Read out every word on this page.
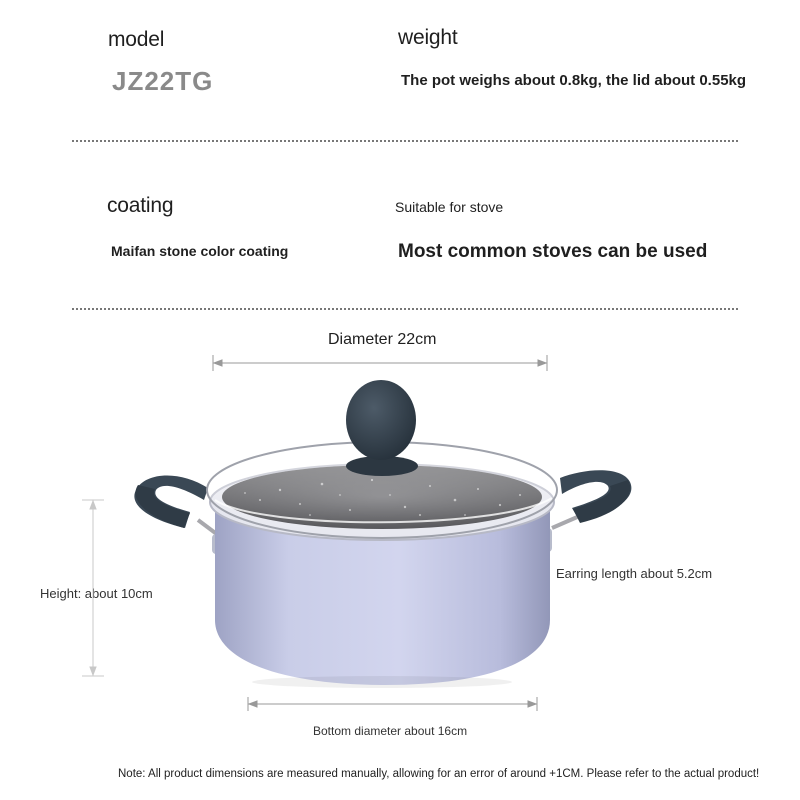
model
JZ22TG
weight
The pot weighs about 0.8kg, the lid about 0.55kg
coating
Maifan stone color coating
Suitable for stove
Most common stoves can be used
Diameter 22cm
Height: about 10cm
Earring length about 5.2cm
Bottom diameter about 16cm
Note: All product dimensions are measured manually, allowing for an error of around +1CM. Please refer to the actual product!
